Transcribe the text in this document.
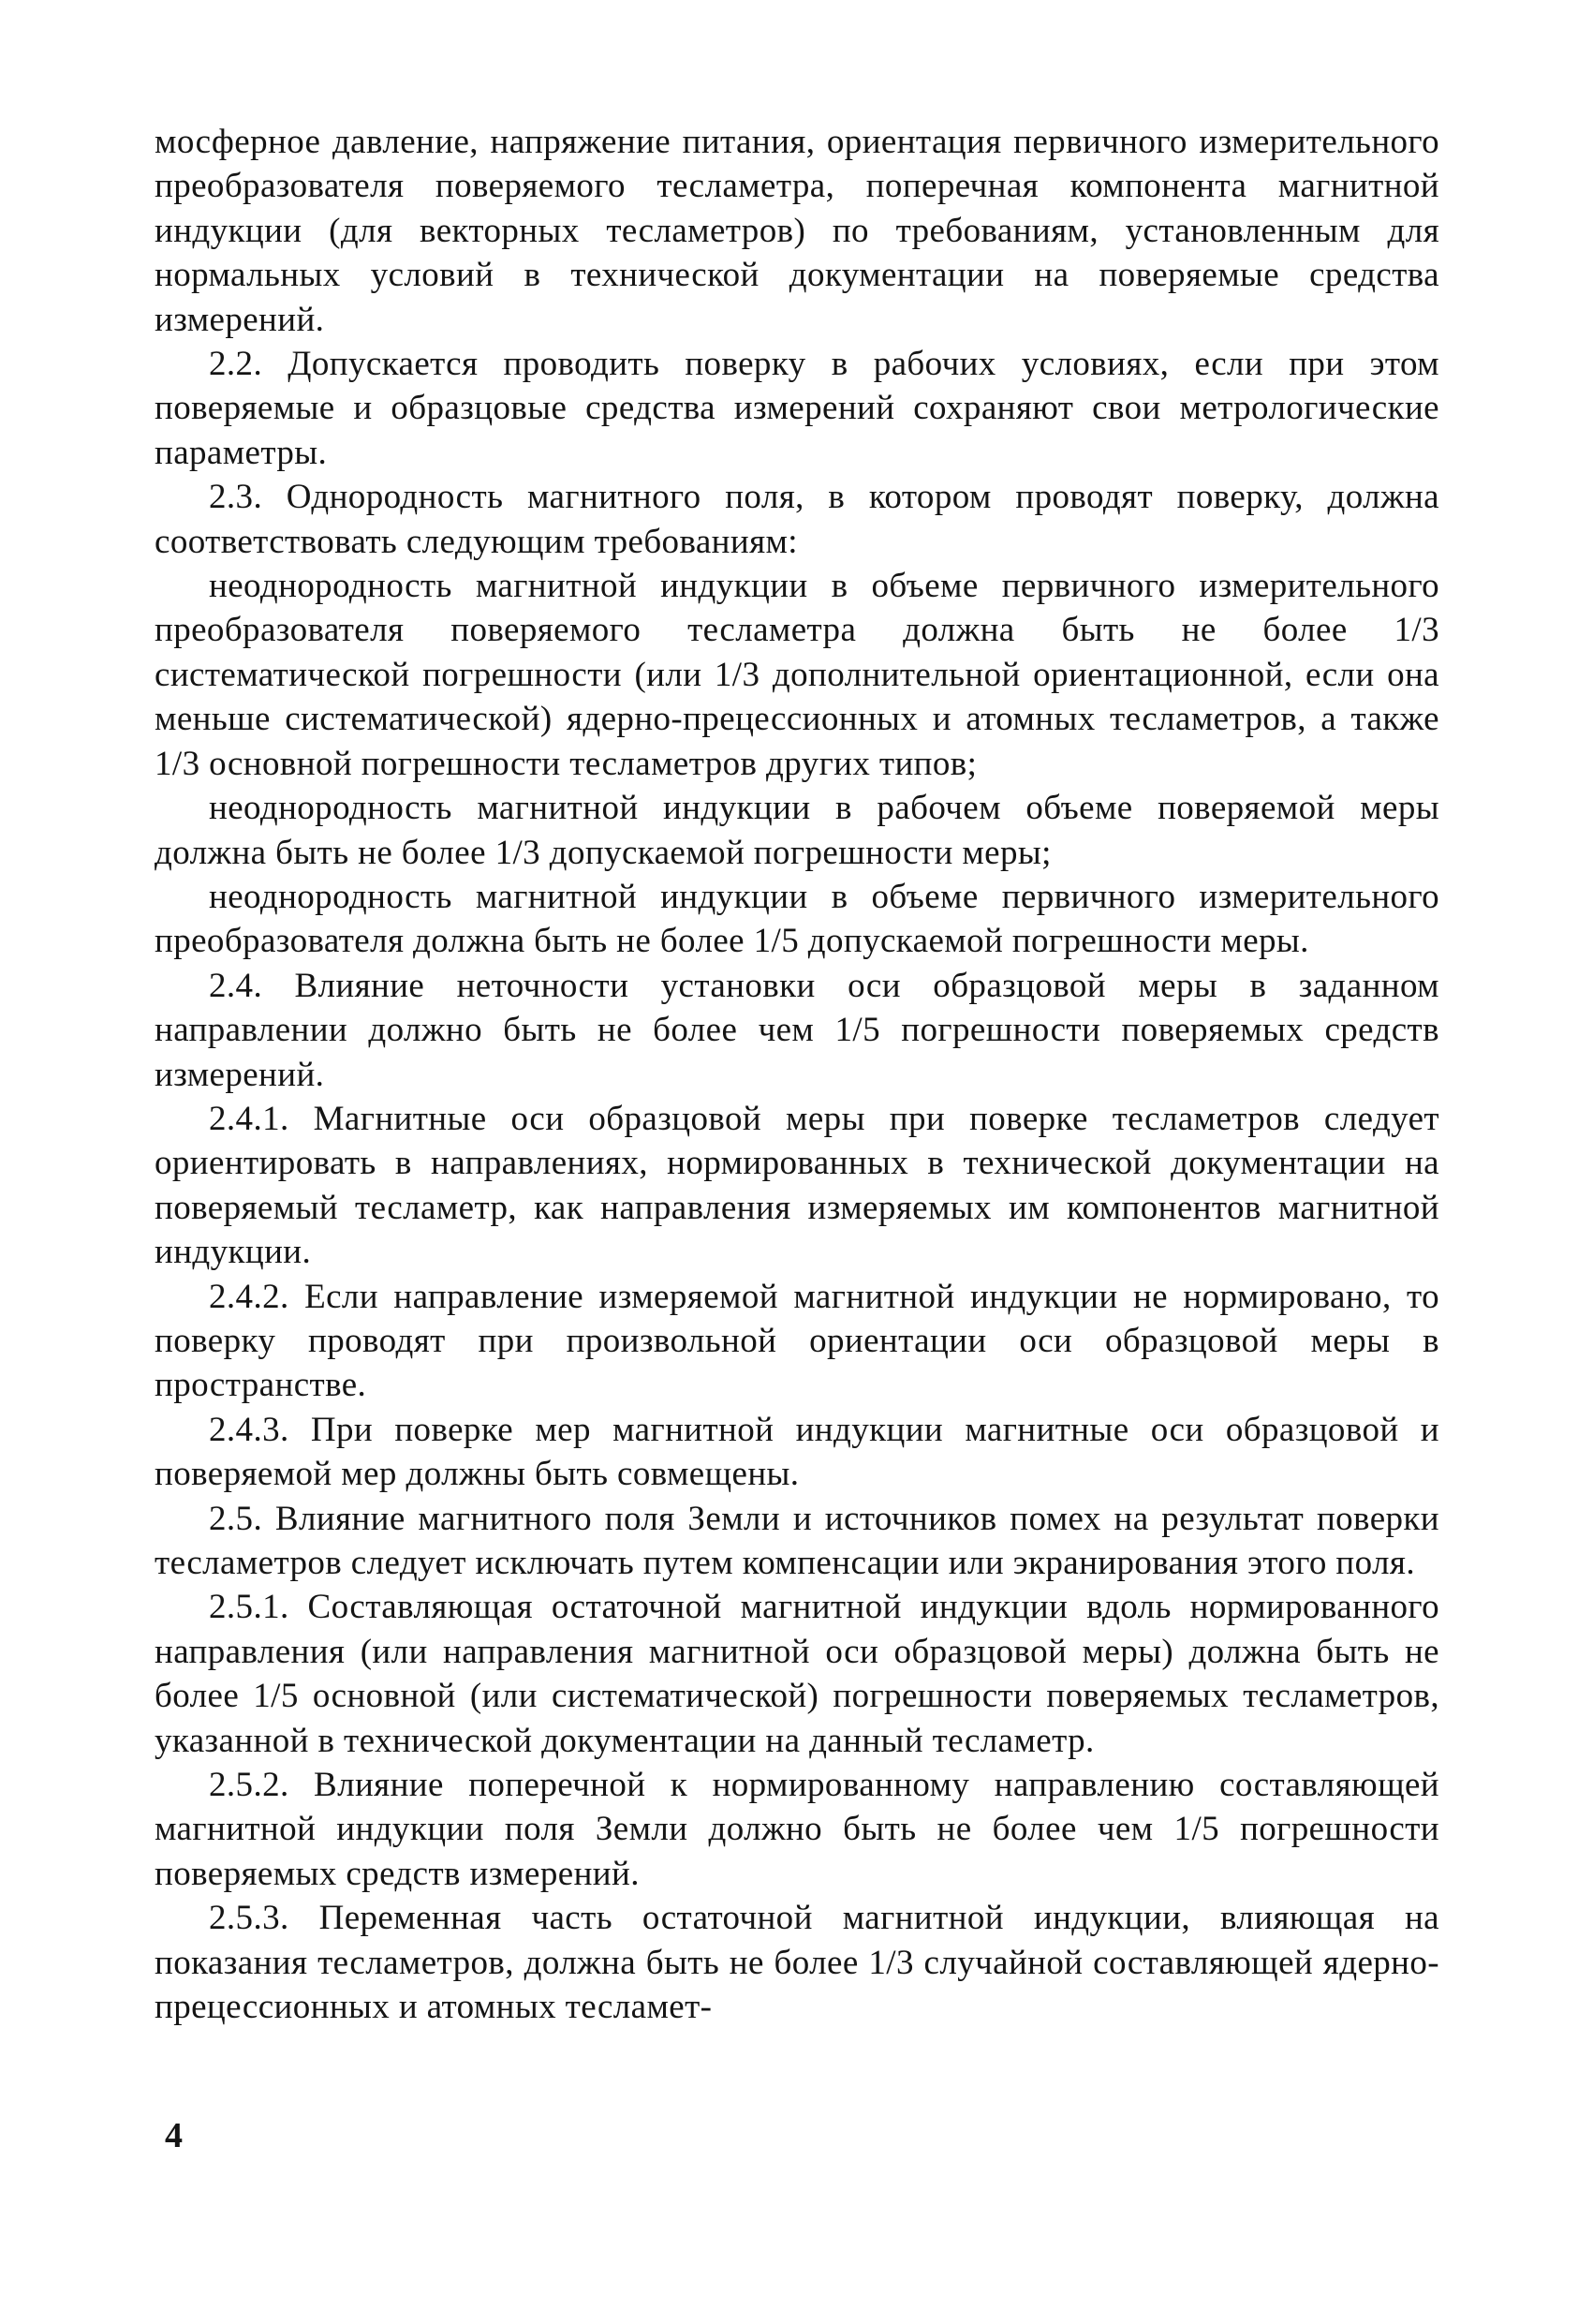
мосферное давление, напряжение питания, ориентация первичного измерительного преобразователя поверяемого тесламетра, поперечная компонента магнитной индукции (для векторных тесламетров) по требованиям, установленным для нормальных условий в технической документации на поверяемые средства измерений.

2.2. Допускается проводить поверку в рабочих условиях, если при этом поверяемые и образцовые средства измерений сохраняют свои метрологические параметры.

2.3. Однородность магнитного поля, в котором проводят поверку, должна соответствовать следующим требованиям:

неоднородность магнитной индукции в объеме первичного измерительного преобразователя поверяемого тесламетра должна быть не более 1/3 систематической погрешности (или 1/3 дополнительной ориентационной, если она меньше систематической) ядерно-прецессионных и атомных тесламетров, а также 1/3 основной погрешности тесламетров других типов;

неоднородность магнитной индукции в рабочем объеме поверяемой меры должна быть не более 1/3 допускаемой погрешности меры;

неоднородность магнитной индукции в объеме первичного измерительного преобразователя должна быть не более 1/5 допускаемой погрешности меры.

2.4. Влияние неточности установки оси образцовой меры в заданном направлении должно быть не более чем 1/5 погрешности поверяемых средств измерений.

2.4.1. Магнитные оси образцовой меры при поверке тесламетров следует ориентировать в направлениях, нормированных в технической документации на поверяемый тесламетр, как направления измеряемых им компонентов магнитной индукции.

2.4.2. Если направление измеряемой магнитной индукции не нормировано, то поверку проводят при произвольной ориентации оси образцовой меры в пространстве.

2.4.3. При поверке мер магнитной индукции магнитные оси образцовой и поверяемой мер должны быть совмещены.

2.5. Влияние магнитного поля Земли и источников помех на результат поверки тесламетров следует исключать путем компенсации или экранирования этого поля.

2.5.1. Составляющая остаточной магнитной индукции вдоль нормированного направления (или направления магнитной оси образцовой меры) должна быть не более 1/5 основной (или систематической) погрешности поверяемых тесламетров, указанной в технической документации на данный тесламетр.

2.5.2. Влияние поперечной к нормированному направлению составляющей магнитной индукции поля Земли должно быть не более чем 1/5 погрешности поверяемых средств измерений.

2.5.3. Переменная часть остаточной магнитной индукции, влияющая на показания тесламетров, должна быть не более 1/3 случайной составляющей ядерно-прецессионных и атомных тесламет-

4
